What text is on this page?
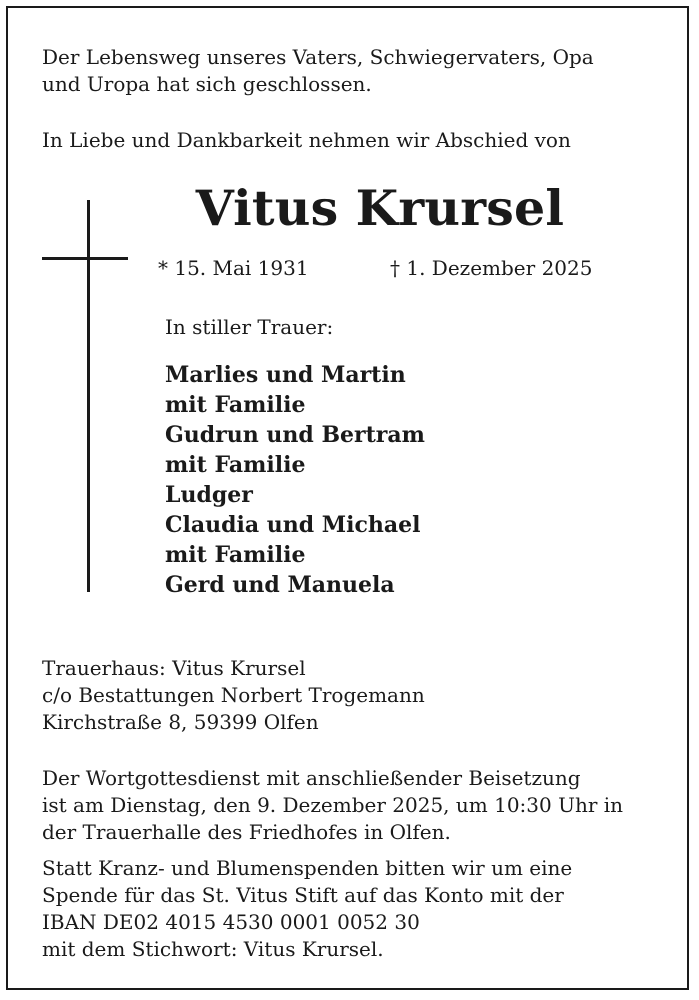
Der Lebensweg unseres Vaters, Schwiegervaters, Opa
und Uropa hat sich geschlossen.
In Liebe und Dankbarkeit nehmen wir Abschied von
Vitus Krursel
* 15. Mai 1931	† 1. Dezember 2025
In stiller Trauer:
Marlies und Martin
mit Familie
Gudrun und Bertram
mit Familie
Ludger
Claudia und Michael
mit Familie
Gerd und Manuela
Trauerhaus: Vitus Krursel
c/o Bestattungen Norbert Trogemann
Kirchstraße 8, 59399 Olfen
Der Wortgottesdienst mit anschließender Beisetzung
ist am Dienstag, den 9. Dezember 2025, um 10:30 Uhr in
der Trauerhalle des Friedhofes in Olfen.
Statt Kranz- und Blumenspenden bitten wir um eine
Spende für das St. Vitus Stift auf das Konto mit der
IBAN DE02 4015 4530 0001 0052 30
mit dem Stichwort: Vitus Krursel.
